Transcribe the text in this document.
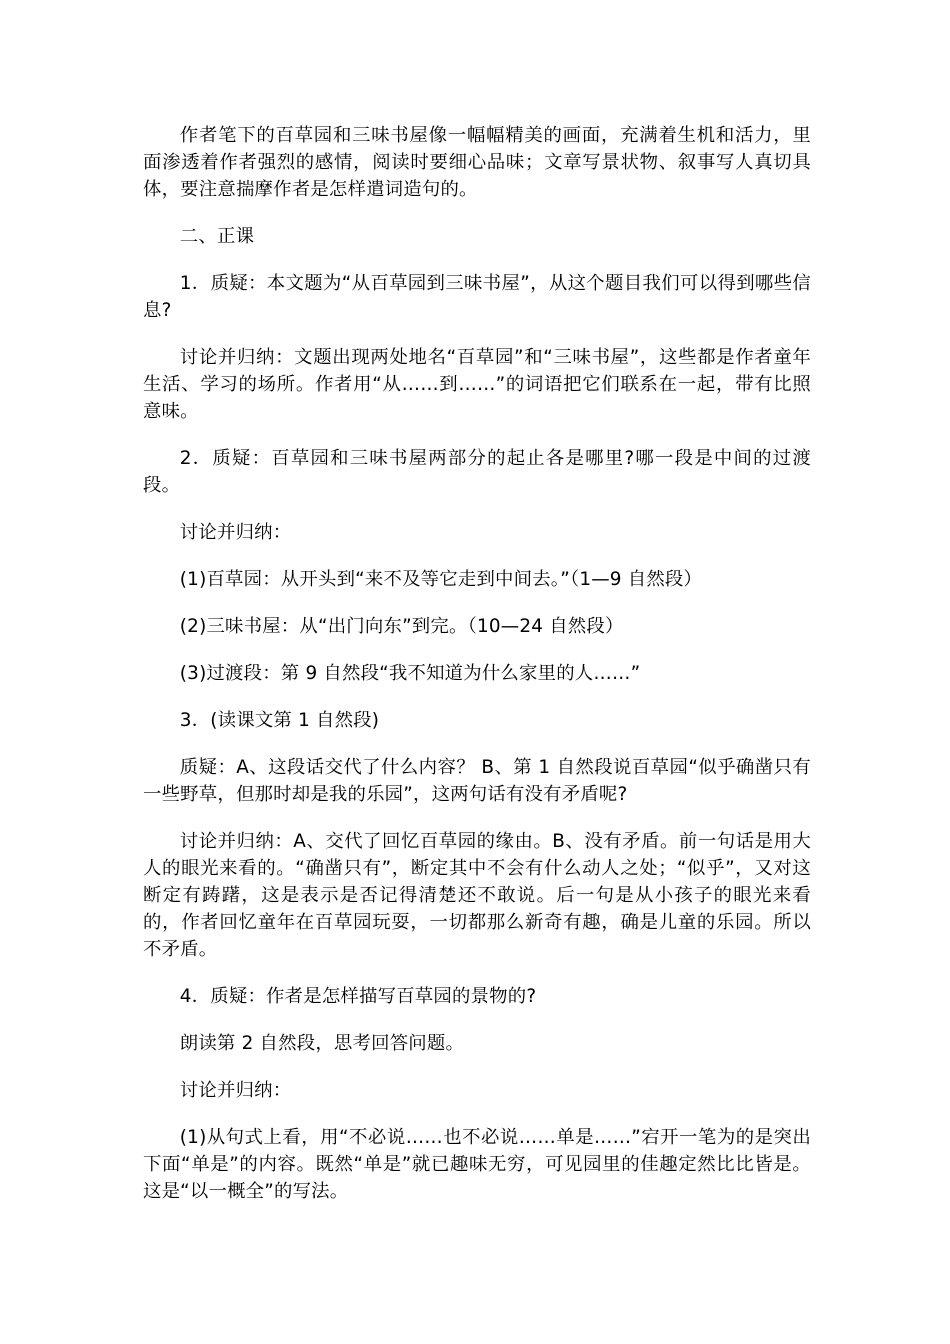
作者笔下的百草园和三味书屋像一幅幅精美的画面，充满着生机和活力，里面渗透着作者强烈的感情，阅读时要细心品味；文章写景状物、叙事写人真切具体，要注意揣摩作者是怎样遣词造句的。

二、正课

1．质疑：本文题为“从百草园到三味书屋”，从这个题目我们可以得到哪些信息?

讨论并归纳：文题出现两处地名“百草园”和“三味书屋”，这些都是作者童年生活、学习的场所。作者用“从……到……”的词语把它们联系在一起，带有比照意味。

2．质疑：百草园和三味书屋两部分的起止各是哪里?哪一段是中间的过渡段。

讨论并归纳：

(1)百草园：从开头到“来不及等它走到中间去。”（1—9 自然段）

(2)三味书屋：从“出门向东”到完。（10—24 自然段）

(3)过渡段：第 9 自然段“我不知道为什么家里的人……”

3．(读课文第 1 自然段)

质疑：A、这段话交代了什么内容？ B、第 1 自然段说百草园“似乎确凿只有一些野草，但那时却是我的乐园”，这两句话有没有矛盾呢?

讨论并归纳：A、交代了回忆百草园的缘由。B、没有矛盾。前一句话是用大人的眼光来看的。“确凿只有”，断定其中不会有什么动人之处；“似乎”，又对这断定有踌躇，这是表示是否记得清楚还不敢说。后一句是从小孩子的眼光来看的，作者回忆童年在百草园玩耍，一切都那么新奇有趣，确是儿童的乐园。所以不矛盾。

4．质疑：作者是怎样描写百草园的景物的?

朗读第 2 自然段，思考回答问题。

讨论并归纳：

(1)从句式上看，用“不必说……也不必说……单是……”宕开一笔为的是突出下面“单是”的内容。既然“单是”就已趣味无穷，可见园里的佳趣定然比比皆是。这是“以一概全”的写法。
